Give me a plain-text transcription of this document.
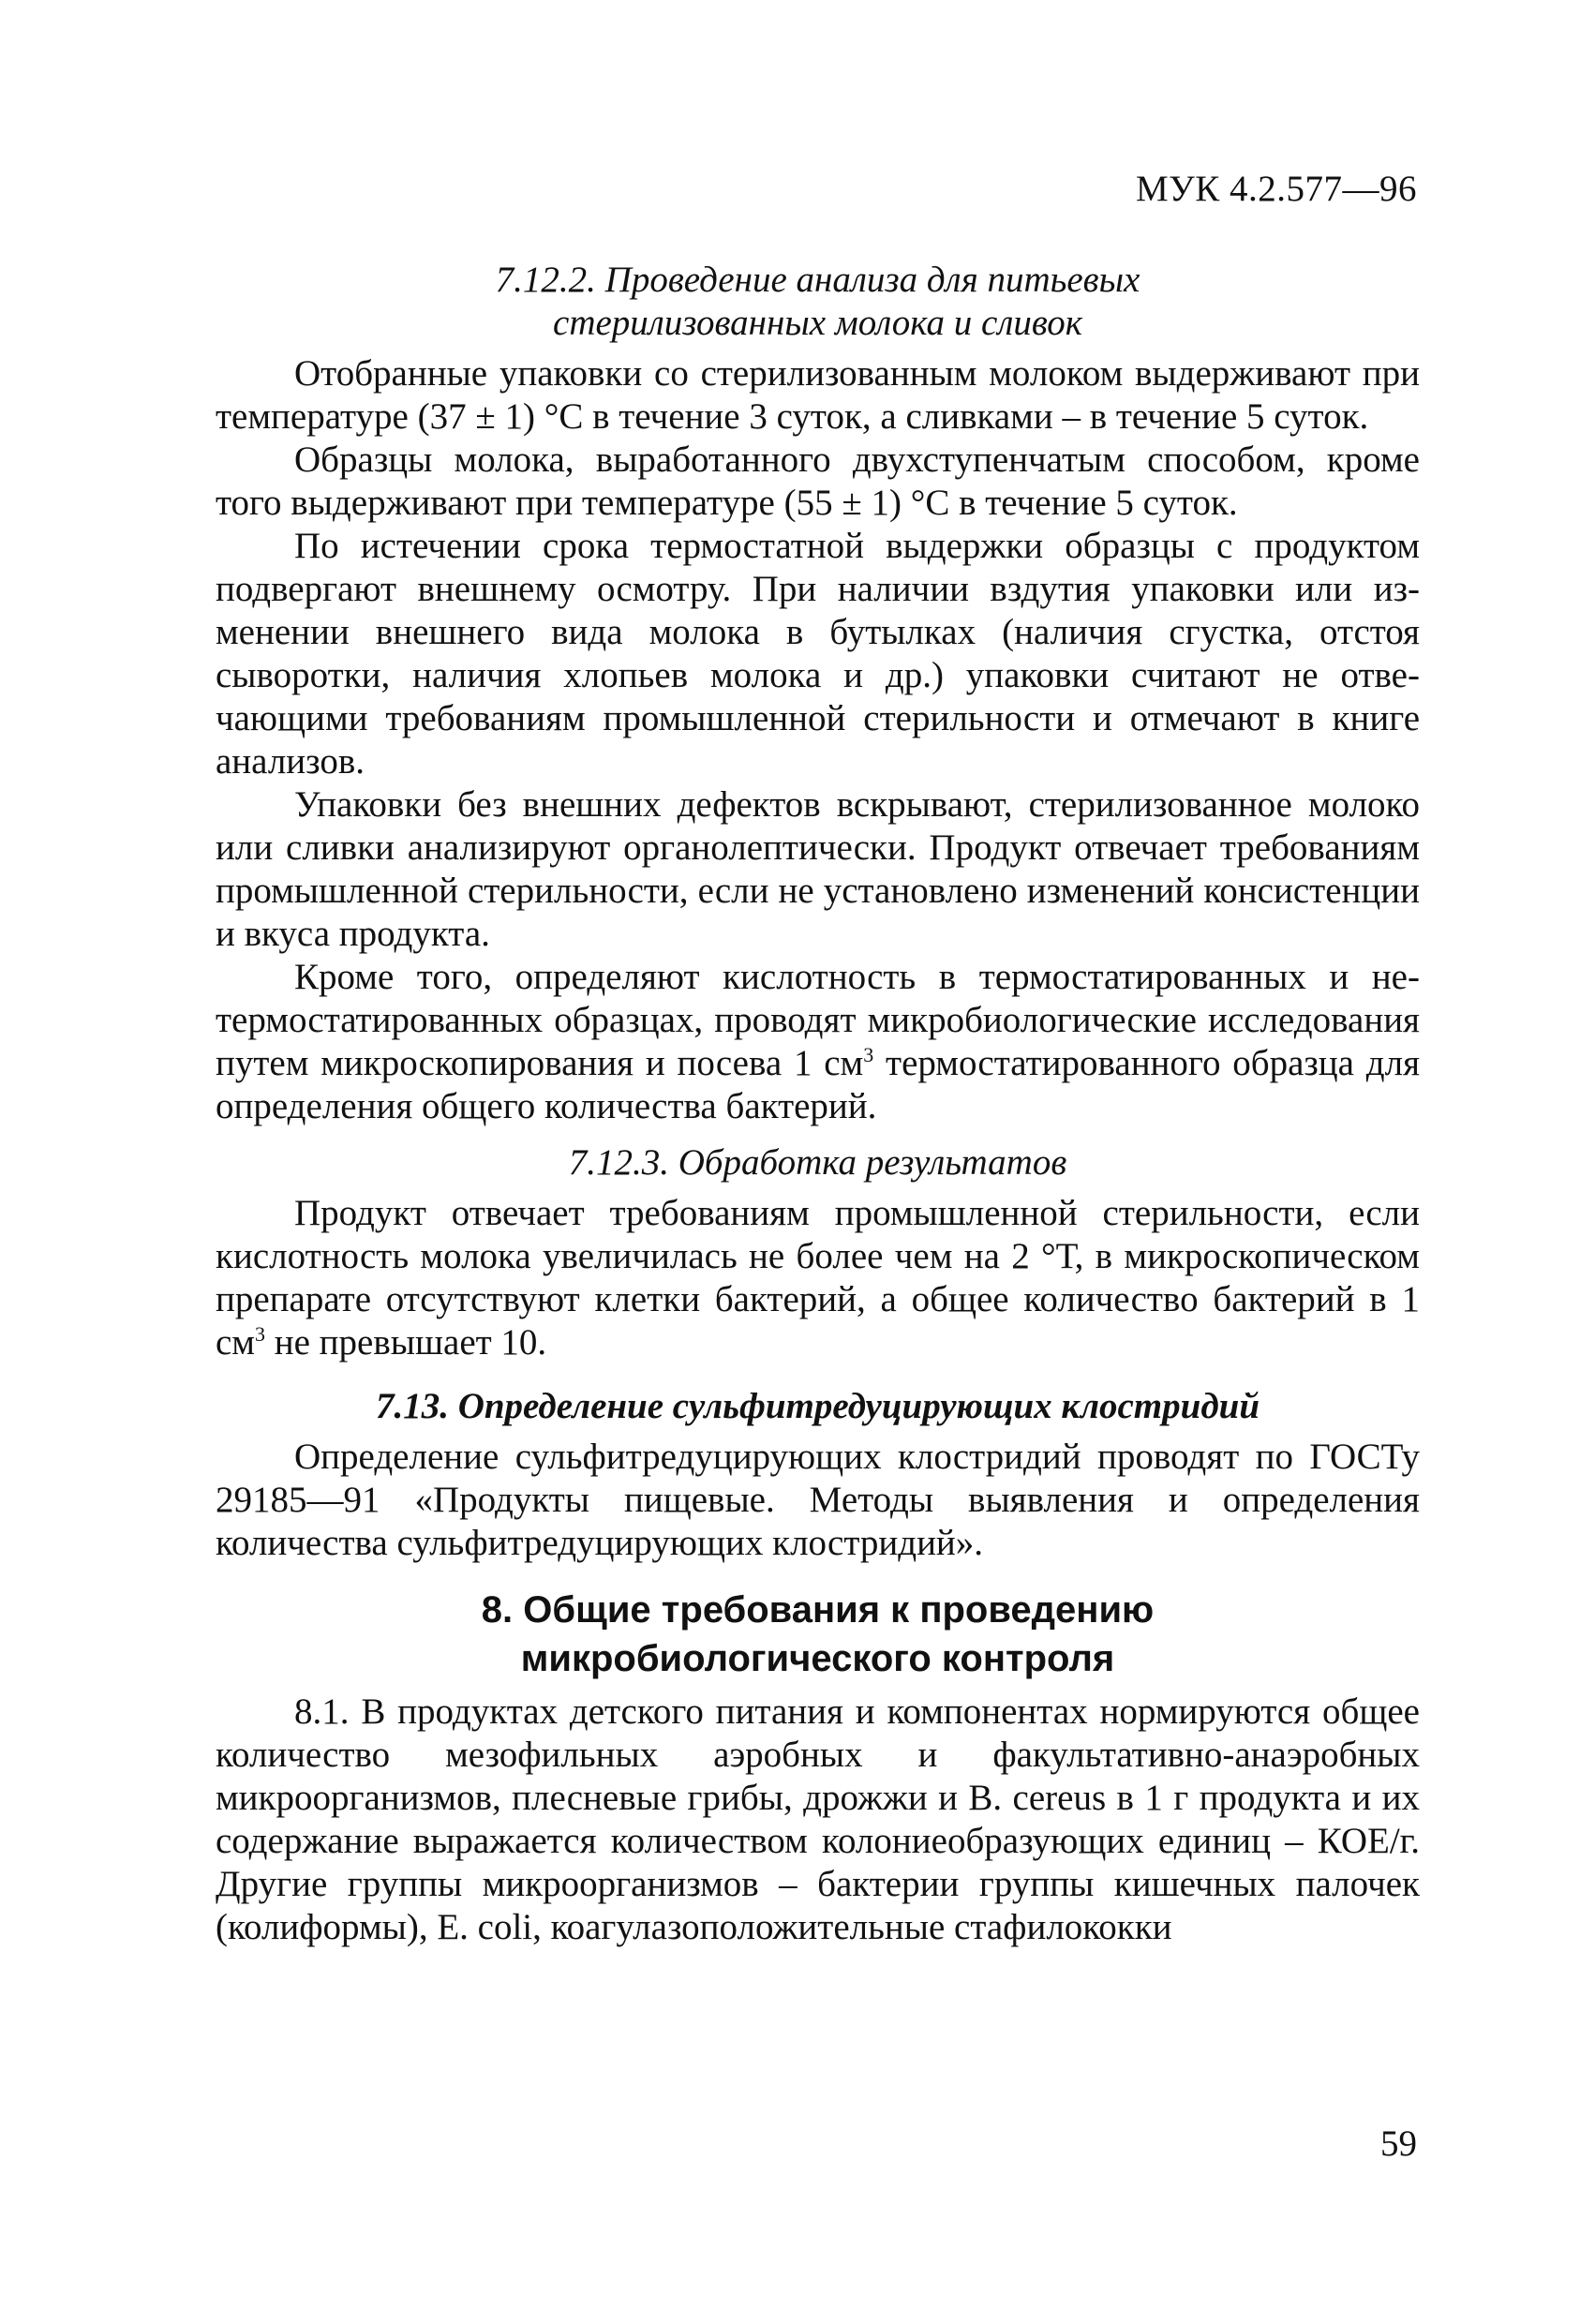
МУК 4.2.577—96

7.12.2. Проведение анализа для питьевых

стерилизованных молока и сливок

Отобранные упаковки со стерилизованным молоком выдерживают при температуре (37 ± 1) °С в течение 3 суток, а сливками – в течение 5 суток.

Образцы молока, выработанного двухступенчатым способом, кроме того выдерживают при температуре (55 ± 1) °С в течение 5 суток.

По истечении срока термостатной выдержки образцы с продуктом подвергают внешнему осмотру. При наличии вздутия упаковки или изменении внешнего вида молока в бутылках (наличия сгустка, отстоя сыворотки, наличия хлопьев молока и др.) упаковки считают не отвечающими требованиям промышленной стерильности и отмечают в книге анализов.

Упаковки без внешних дефектов вскрывают, стерилизованное молоко или сливки анализируют органолептически. Продукт отвечает требованиям промышленной стерильности, если не установлено изменений консистенции и вкуса продукта.

Кроме того, определяют кислотность в термостатированных и нетермостатированных образцах, проводят микробиологические исследования путем микроскопирования и посева 1 $см^3$ термостатированного образца для определения общего количества бактерий.

7.12.3. Обработка результатов

Продукт отвечает требованиям промышленной стерильности, если кислотность молока увеличилась не более чем на 2 °Т, в микроскопическом препарате отсутствуют клетки бактерий, а общее количество бактерий в 1 $см^3$ не превышает 10.

7.13. Определение сульфитредуцирующих клостридий

Определение сульфитредуцирующих клостридий проводят по ГОСТу 29185—91 «Продукты пищевые. Методы выявления и определения количества сульфитредуцирующих клостридий».

8. Общие требования к проведению

микробиологического контроля

8.1. В продуктах детского питания и компонентах нормируются общее количество мезофильных аэробных и факультативно-анаэробных микроорганизмов, плесневые грибы, дрожжи и B. cereus в 1 г продукта и их содержание выражается количеством колониеобразующих единиц – КОЕ/г. Другие группы микроорганизмов – бактерии группы кишечных палочек (колиформы), E. coli, коагулазоположительные стафилококки

59
